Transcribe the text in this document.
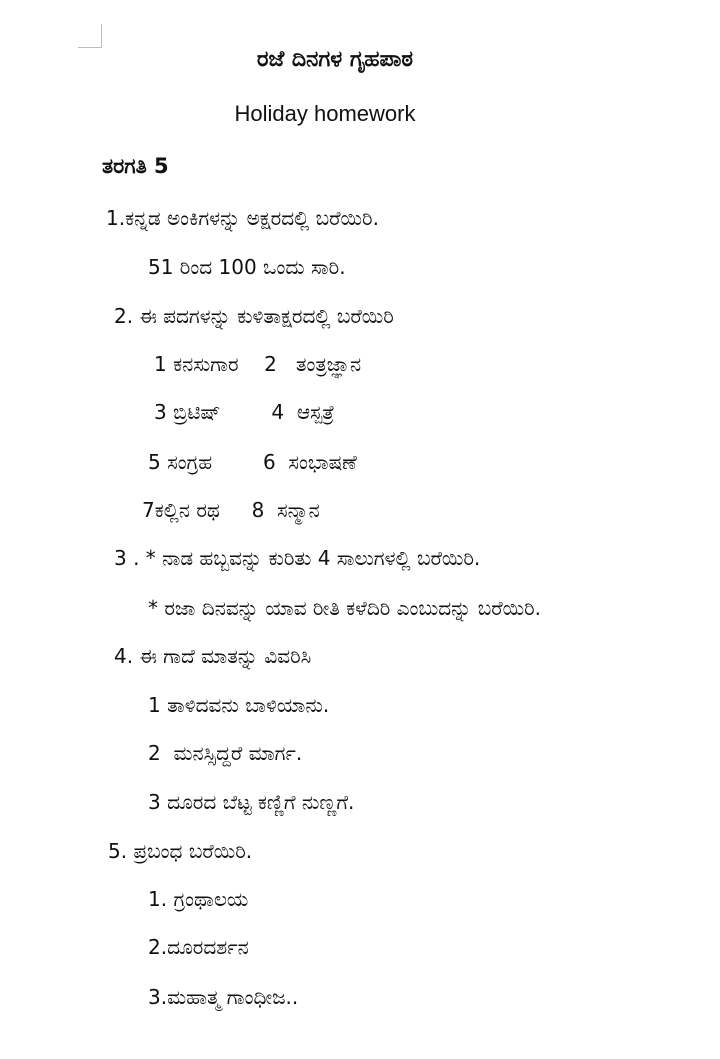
ರಜೆ ದಿನಗಳ ಗೃಹಪಾಠ
Holiday homework
ತರಗತಿ 5
1.ಕನ್ನಡ ಅಂಕಿಗಳನ್ನು ಅಕ್ಷರದಲ್ಲಿ ಬರೆಯಿರಿ.
51 ರಿಂದ 100 ಒಂದು ಸಾರಿ.
2. ಈ ಪದಗಳನ್ನು ಕುಳಿತಾಕ್ಷರದಲ್ಲಿ ಬರೆಯಿರಿ
1 ಕನಸುಗಾರ    2   ತಂತ್ರಜ್ಞಾನ
3 ಬ್ರಿಟಿಷ್        4  ಆಸ್ಪತ್ರೆ
5 ಸಂಗ್ರಹ        6  ಸಂಭಾಷಣೆ
7ಕಲ್ಲಿನ ರಥ     8  ಸನ್ಮಾನ
3 . * ನಾಡ ಹಬ್ಬವನ್ನು ಕುರಿತು 4 ಸಾಲುಗಳಲ್ಲಿ ಬರೆಯಿರಿ.
* ರಜಾ ದಿನವನ್ನು ಯಾವ ರೀತಿ ಕಳೆದಿರಿ ಎಂಬುದನ್ನು ಬರೆಯಿರಿ.
4. ಈ ಗಾದೆ ಮಾತನ್ನು ವಿವರಿಸಿ
1 ತಾಳಿದವನು ಬಾಳಿಯಾನು.
2  ಮನಸ್ಸಿದ್ದರೆ ಮಾರ್ಗ.
3 ದೂರದ ಬೆಟ್ಟ ಕಣ್ಣಿಗೆ ನುಣ್ಣಗೆ.
5. ಪ್ರಬಂಧ ಬರೆಯಿರಿ.
1. ಗ್ರಂಥಾಲಯ
2.ದೂರದರ್ಶನ
3.ಮಹಾತ್ಮ ಗಾಂಧೀಜ..
